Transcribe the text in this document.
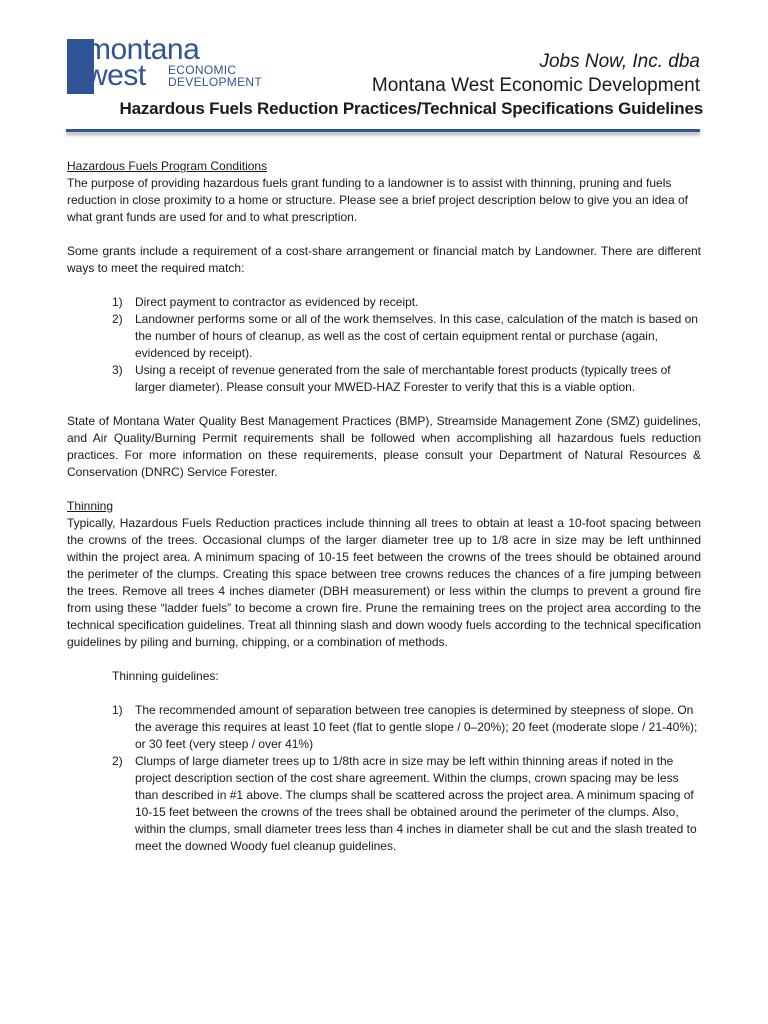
montana
west ECONOMIC
DEVELOPMENT
Jobs Now, Inc. dba
Montana West Economic Development
Hazardous Fuels Reduction Practices/Technical Specifications Guidelines

Hazardous Fuels Program Conditions

The purpose of providing hazardous fuels grant funding to a landowner is to assist with thinning, pruning and fuels reduction in close proximity to a home or structure. Please see a brief project description below to give you an idea of what grant funds are used for and to what prescription.

Some grants include a requirement of a cost-share arrangement or financial match by Landowner. There are different ways to meet the required match:

1) Direct payment to contractor as evidenced by receipt.
2) Landowner performs some or all of the work themselves. In this case, calculation of the match is based on the number of hours of cleanup, as well as the cost of certain equipment rental or purchase (again, evidenced by receipt).
3) Using a receipt of revenue generated from the sale of merchantable forest products (typically trees of larger diameter). Please consult your MWED-HAZ Forester to verify that this is a viable option.

State of Montana Water Quality Best Management Practices (BMP), Streamside Management Zone (SMZ) guidelines, and Air Quality/Burning Permit requirements shall be followed when accomplishing all hazardous fuels reduction practices. For more information on these requirements, please consult your Department of Natural Resources & Conservation (DNRC) Service Forester.

Thinning

Typically, Hazardous Fuels Reduction practices include thinning all trees to obtain at least a 10-foot spacing between the crowns of the trees. Occasional clumps of the larger diameter tree up to 1/8 acre in size may be left unthinned within the project area. A minimum spacing of 10-15 feet between the crowns of the trees should be obtained around the perimeter of the clumps. Creating this space between tree crowns reduces the chances of a fire jumping between the trees. Remove all trees 4 inches diameter (DBH measurement) or less within the clumps to prevent a ground fire from using these “ladder fuels” to become a crown fire. Prune the remaining trees on the project area according to the technical specification guidelines. Treat all thinning slash and down woody fuels according to the technical specification guidelines by piling and burning, chipping, or a combination of methods.

Thinning guidelines:

1) The recommended amount of separation between tree canopies is determined by steepness of slope. On the average this requires at least 10 feet (flat to gentle slope / 0–20%); 20 feet (moderate slope / 21-40%); or 30 feet (very steep / over 41%)
2) Clumps of large diameter trees up to 1/8th acre in size may be left within thinning areas if noted in the project description section of the cost share agreement. Within the clumps, crown spacing may be less than described in #1 above. The clumps shall be scattered across the project area. A minimum spacing of 10-15 feet between the crowns of the trees shall be obtained around the perimeter of the clumps. Also, within the clumps, small diameter trees less than 4 inches in diameter shall be cut and the slash treated to meet the downed Woody fuel cleanup guidelines.
